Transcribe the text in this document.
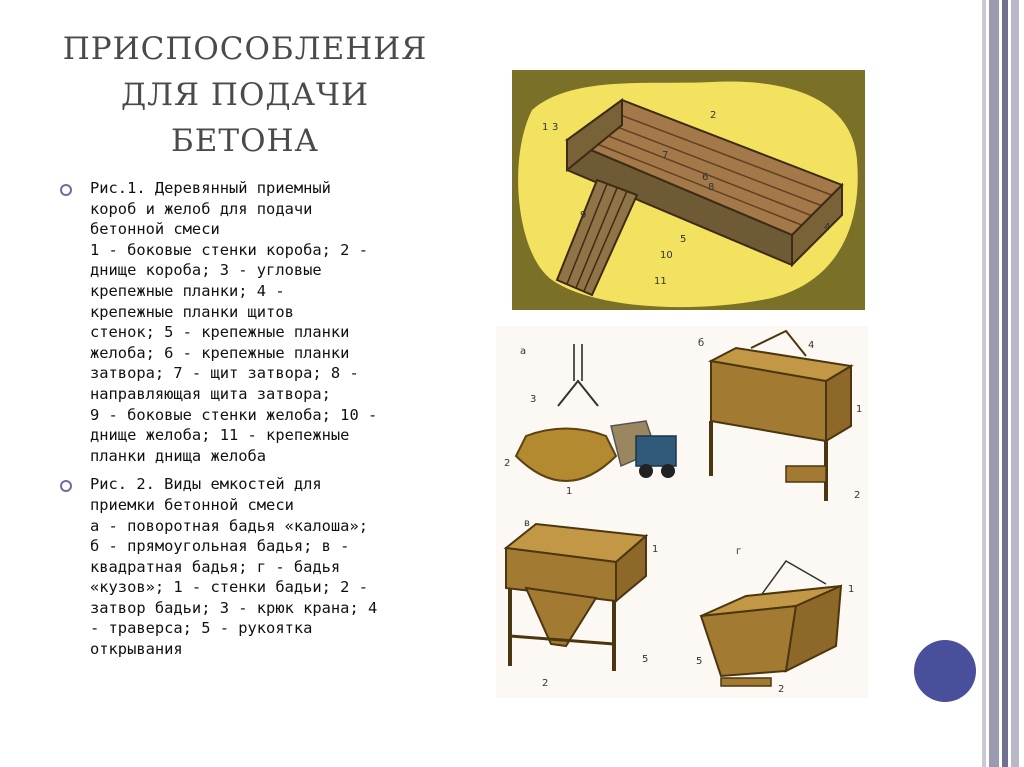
ПРИСПОСОБЛЕНИЯ
ДЛЯ ПОДАЧИ
БЕТОНА
Рис.1. Деревянный приемный
короб и желоб для подачи
бетонной смеси
1 - боковые стенки короба; 2 -
днище короба; 3 - угловые
крепежные планки; 4 -
крепежные планки щитов
стенок; 5 - крепежные планки
желоба; 6 - крепежные планки
затвора; 7 - щит затвора; 8 -
направляющая щита затвора;
9 - боковые стенки желоба; 10 -
днище желоба; 11 - крепежные
планки днища желоба
Рис. 2. Виды емкостей для
приемки бетонной смеси
а - поворотная бадья «калоша»;
б - прямоугольная бадья; в -
квадратная бадья; г - бадья
«кузов»; 1 - стенки бадьи; 2 -
затвор бадьи; 3 - крюк крана; 4
- траверса; 5 - рукоятка
открывания
1
2
3
4
5
6
7
8
9
10
11
а
3
2
1
б	4
1
2
в
1
5
2
г
1
5
2
